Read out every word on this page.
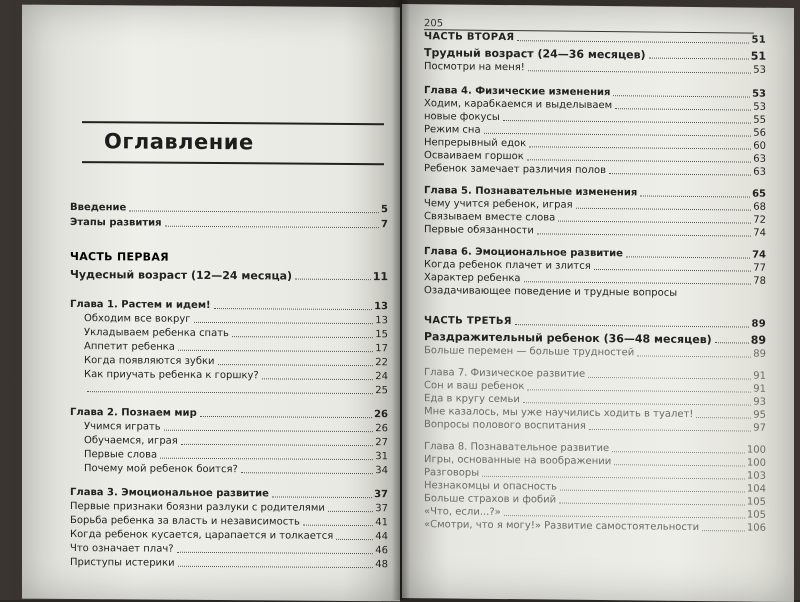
Оглавление
Введение	5
Этапы развития	7
ЧАСТЬ ПЕРВАЯ
Чудесный возраст (12—24 месяца)	11
Глава 1. Растем и идем!	13
Обходим все вокруг	13
Укладываем ребенка спать	15
Аппетит ребенка	17
Когда появляются зубки	22
Как приучать ребенка к горшку?	24
25
Глава 2. Познаем мир	26
Учимся играть	26
Обучаемся, играя	27
Первые слова	31
Почему мой ребенок боится?	34
Глава 3. Эмоциональное развитие	37
Первые признаки боязни разлуки с родителями	37
Борьба ребенка за власть и независимость	41
Когда ребенок кусается, царапается и толкается	44
Что означает плач?	46
Приступы истерики	48
205
ЧАСТЬ ВТОРАЯ	51
Трудный возраст (24—36 месяцев)	51
Посмотри на меня!	53
Глава 4. Физические изменения	53
Ходим, карабкаемся и выделываем	53
новые фокусы	55
Режим сна	56
Непрерывный едок	60
Осваиваем горшок	63
Ребенок замечает различия полов	63
Глава 5. Познавательные изменения	65
Чему учится ребенок, играя	68
Связываем вместе слова	72
Первые обязанности	74
Глава 6. Эмоциональное развитие	74
Когда ребенок плачет и злится	77
Характер ребенка	78
Озадачивающее поведение и трудные вопросы
ЧАСТЬ ТРЕТЬЯ	89
Раздражительный ребенок (36—48 месяцев)	89
Больше перемен — больше трудностей	89
Глава 7. Физическое развитие	91
Сон и ваш ребенок	91
Еда в кругу семьи	93
Мне казалось, мы уже научились ходить в туалет!	95
Вопросы полового воспитания	97
Глава 8. Познавательное развитие	100
Игры, основанные на воображении	100
Разговоры	103
Незнакомцы и опасность	104
Больше страхов и фобий	105
«Что, если...?»	105
«Смотри, что я могу!» Развитие самостоятельности	106
